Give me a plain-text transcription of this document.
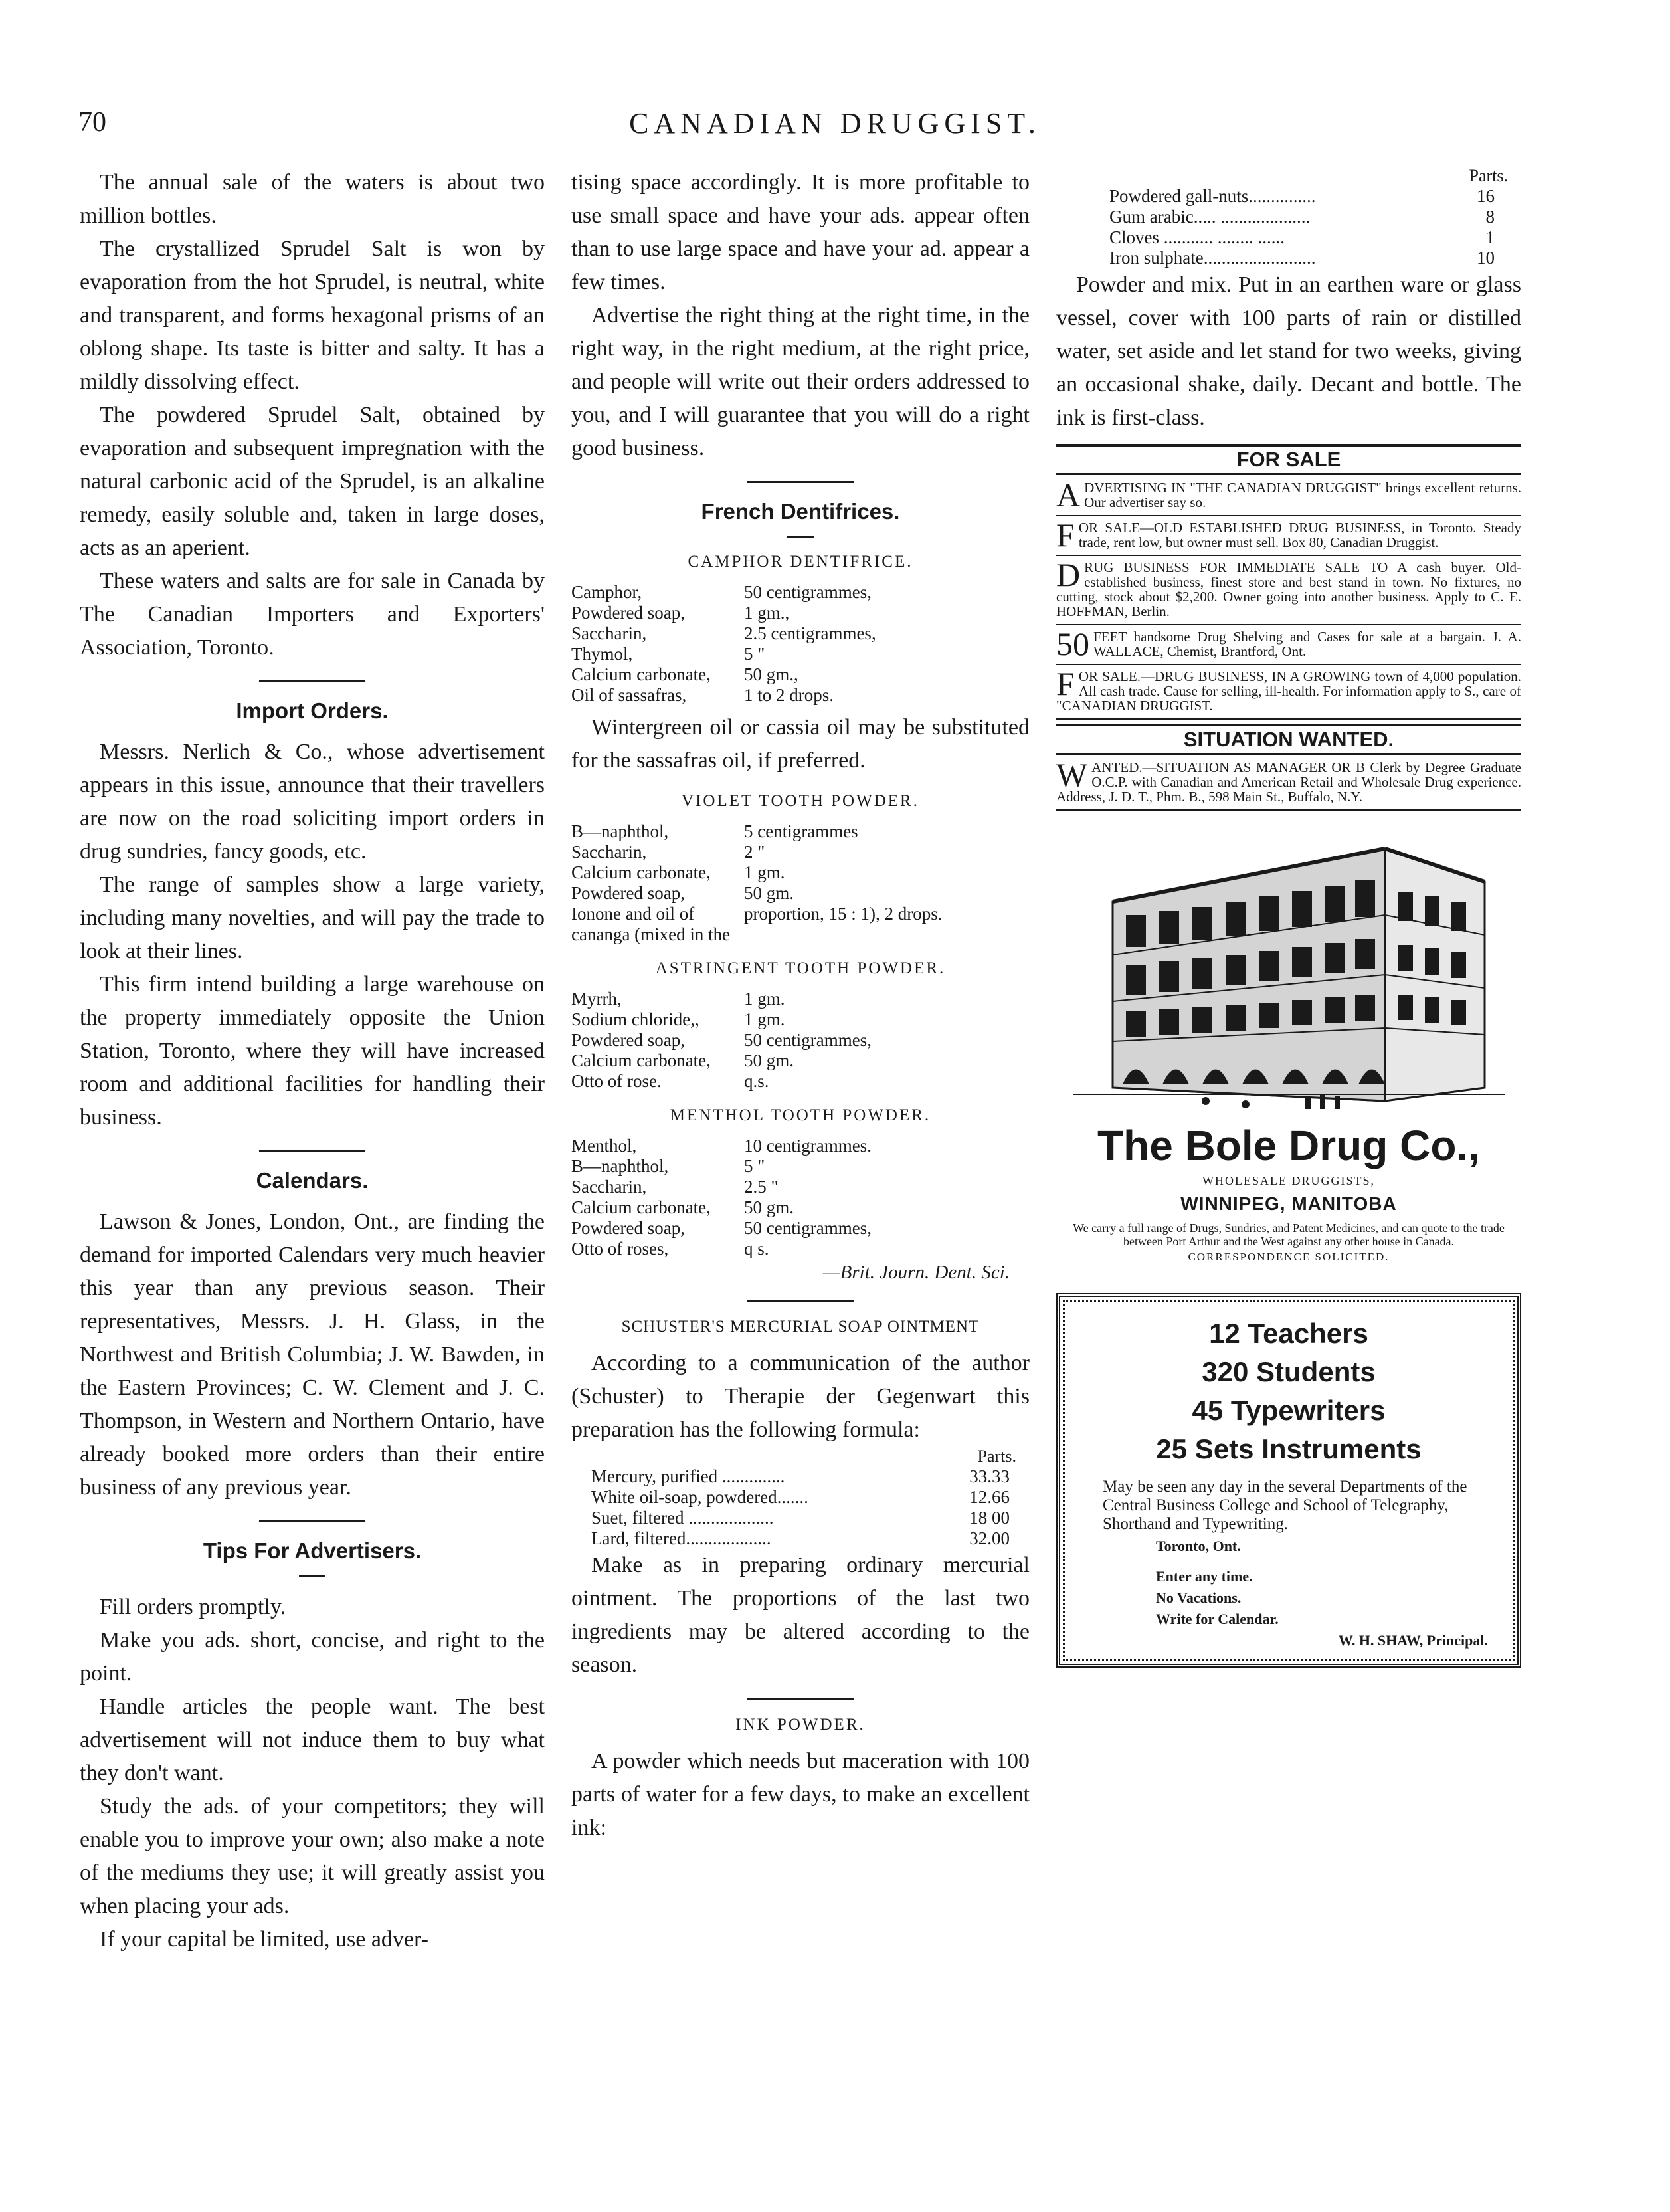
70	CANADIAN DRUGGIST.

The annual sale of the waters is about two million bottles.

The crystallized Sprudel Salt is won by evaporation from the hot Sprudel, is neutral, white and transparent, and forms hexagonal prisms of an oblong shape. Its taste is bitter and salty. It has a mildly dissolving effect.

The powdered Sprudel Salt, obtained by evaporation and subsequent impregnation with the natural carbonic acid of the Sprudel, is an alkaline remedy, easily soluble and, taken in large doses, acts as an aperient.

These waters and salts are for sale in Canada by The Canadian Importers and Exporters' Association, Toronto.

Import Orders.

Messrs. Nerlich & Co., whose advertisement appears in this issue, announce that their travellers are now on the road soliciting import orders in drug sundries, fancy goods, etc.

The range of samples show a large variety, including many novelties, and will pay the trade to look at their lines.

This firm intend building a large warehouse on the property immediately opposite the Union Station, Toronto, where they will have increased room and additional facilities for handling their business.

Calendars.

Lawson & Jones, London, Ont., are finding the demand for imported Calendars very much heavier this year than any previous season. Their representatives, Messrs. J. H. Glass, in the Northwest and British Columbia; J. W. Bawden, in the Eastern Provinces; C. W. Clement and J. C. Thompson, in Western and Northern Ontario, have already booked more orders than their entire business of any previous year.

Tips For Advertisers.

Fill orders promptly.

Make you ads. short, concise, and right to the point.

Handle articles the people want. The best advertisement will not induce them to buy what they don't want.

Study the ads. of your competitors; they will enable you to improve your own; also make a note of the mediums they use; it will greatly assist you when placing your ads.

If your capital be limited, use adver-

tising space accordingly. It is more profitable to use small space and have your ads. appear often than to use large space and have your ad. appear a few times.

Advertise the right thing at the right time, in the right way, in the right medium, at the right price, and people will write out their orders addressed to you, and I will guarantee that you will do a right good business.

French Dentifrices.
CAMPHOR DENTIFRICE.
Camphor,	50 centigrammes,
Powdered soap,	1 gm.,
Saccharin,	2.5 centigrammes,
Thymol,	5 "
Calcium carbonate,	50 gm.,
Oil of sassafras,	1 to 2 drops.

Wintergreen oil or cassia oil may be substituted for the sassafras oil, if preferred.

VIOLET TOOTH POWDER.
B—naphthol,	5 centigrammes
Saccharin,	2 "
Calcium carbonate,	1 gm.
Powdered soap,	50 gm.
Ionone and oil of cananga (mixed in the
proportion, 15 : 1), 2 drops.
ASTRINGENT TOOTH POWDER.
Myrrh,	1 gm.
Sodium chloride,,	1 gm.
Powdered soap,	50 centigrammes,
Calcium carbonate,	50 gm.
Otto of rose.	q.s.
MENTHOL TOOTH POWDER.
Menthol,	10 centigrammes.
B—naphthol,	5 "
Saccharin,	2.5 "
Calcium carbonate,	50 gm.
Powdered soap,	50 centigrammes,
Otto of roses,	q s.
—Brit. Journ. Dent. Sci.
SCHUSTER'S MERCURIAL SOAP OINTMENT

According to a communication of the author (Schuster) to Therapie der Gegenwart this preparation has the following formula:

Parts.

Mercury, purified ..............	33.33
White oil-soap, powdered.......	12.66
Suet, filtered ...................	18 00
Lard, filtered...................	32.00

Make as in preparing ordinary mercurial ointment. The proportions of the last two ingredients may be altered according to the season.

INK POWDER.

A powder which needs but maceration with 100 parts of water for a few days, to make an excellent ink:

Parts.

Powdered gall-nuts...............	16
Gum arabic..... ....................	8
Cloves ........... ........ ......	1
Iron sulphate.........................	10

Powder and mix. Put in an earthen ware or glass vessel, cover with 100 parts of rain or distilled water, set aside and let stand for two weeks, giving an occasional shake, daily. Decant and bottle. The ink is first-class.

FOR SALE
ADVERTISING IN "THE CANADIAN DRUGGIST" brings excellent returns. Our advertiser say so.
FOR SALE—OLD ESTABLISHED DRUG BUSINESS, in Toronto. Steady trade, rent low, but owner must sell. Box 80, Canadian Druggist.
DRUG BUSINESS FOR IMMEDIATE SALE TO A cash buyer. Old-established business, finest store and best stand in town. No fixtures, no cutting, stock about $2,200. Owner going into another business. Apply to C. E. HOFFMAN, Berlin.
50 FEET handsome Drug Shelving and Cases for sale at a bargain. J. A. WALLACE, Chemist, Brantford, Ont.
FOR SALE.—DRUG BUSINESS, IN A GROWING town of 4,000 population. All cash trade. Cause for selling, ill-health. For information apply to S., care of "CANADIAN DRUGGIST.
SITUATION WANTED.
W ANTED.—SITUATION AS MANAGER OR B Clerk by Degree Graduate O.C.P. with Canadian and American Retail and Wholesale Drug experience. Address, J. D. T., Phm. B., 598 Main St., Buffalo, N.Y.
The Bole Drug Co.,

WHOLESALE DRUGGISTS,

WINNIPEG, MANITOBA

We carry a full range of Drugs, Sundries, and Patent Medicines, and can quote to the trade between Port Arthur and the West against any other house in Canada.

CORRESPONDENCE SOLICITED.

12 Teachers

320 Students

45 Typewriters

25 Sets Instruments

May be seen any day in the several Departments of the Central Business College and School of Telegraphy, Shorthand and Typewriting.

Toronto, Ont.

Enter any time.

No Vacations.

Write for Calendar.

W. H. SHAW, Principal.
